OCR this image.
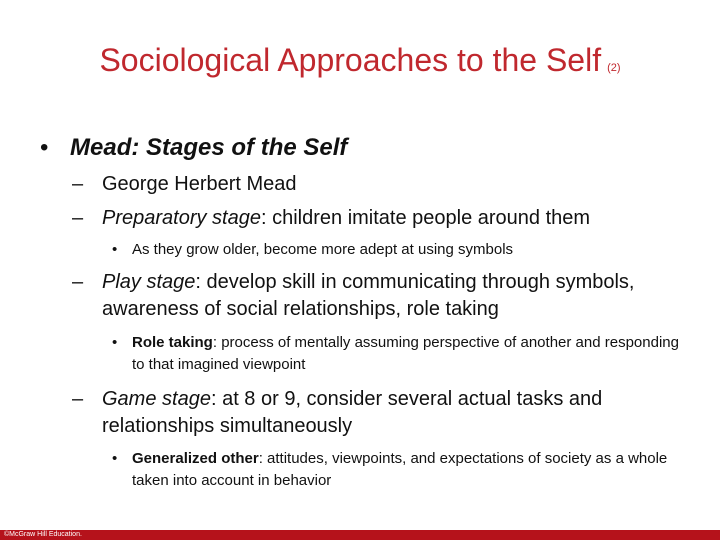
Sociological Approaches to the Self (2)
• Mead: Stages of the Self
– George Herbert Mead
– Preparatory stage: children imitate people around them
• As they grow older, become more adept at using symbols
– Play stage: develop skill in communicating through symbols, awareness of social relationships, role taking
• Role taking: process of mentally assuming perspective of another and responding to that imagined viewpoint
– Game stage: at 8 or 9, consider several actual tasks and relationships simultaneously
• Generalized other: attitudes, viewpoints, and expectations of society as a whole taken into account in behavior
©McGraw Hill Education.
